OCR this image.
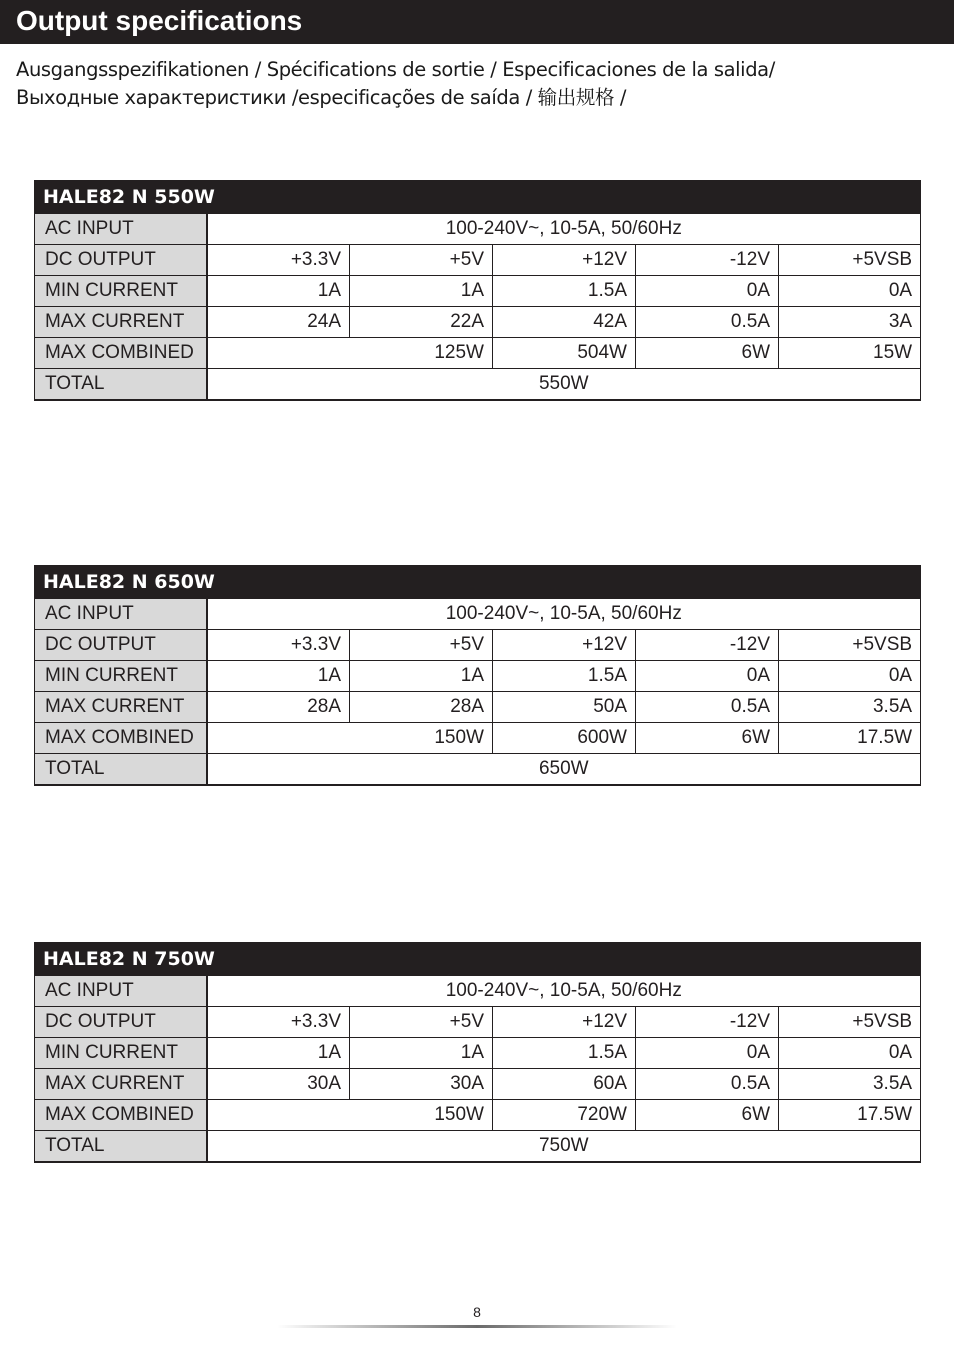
Output specifications
Ausgangsspezifikationen / Spécifications de sortie / Especificaciones de la salida/
Выходные характеристики /especificações de saída / 输出规格 /
HALE82 N 550W					
AC INPUT	100-240V~, 10-5A, 50/60Hz				
DC OUTPUT	+3.3V	+5V	+12V	-12V	+5VSB
MIN CURRENT	1A	1A	1.5A	0A	0A
MAX CURRENT	24A	22A	42A	0.5A	3A
MAX COMBINED	125W		504W	6W	15W
TOTAL	550W				
HALE82 N 650W					
AC INPUT	100-240V~, 10-5A, 50/60Hz				
DC OUTPUT	+3.3V	+5V	+12V	-12V	+5VSB
MIN CURRENT	1A	1A	1.5A	0A	0A
MAX CURRENT	28A	28A	50A	0.5A	3.5A
MAX COMBINED	150W		600W	6W	17.5W
TOTAL	650W				
HALE82 N 750W					
AC INPUT	100-240V~, 10-5A, 50/60Hz				
DC OUTPUT	+3.3V	+5V	+12V	-12V	+5VSB
MIN CURRENT	1A	1A	1.5A	0A	0A
MAX CURRENT	30A	30A	60A	0.5A	3.5A
MAX COMBINED	150W		720W	6W	17.5W
TOTAL	750W				
8
